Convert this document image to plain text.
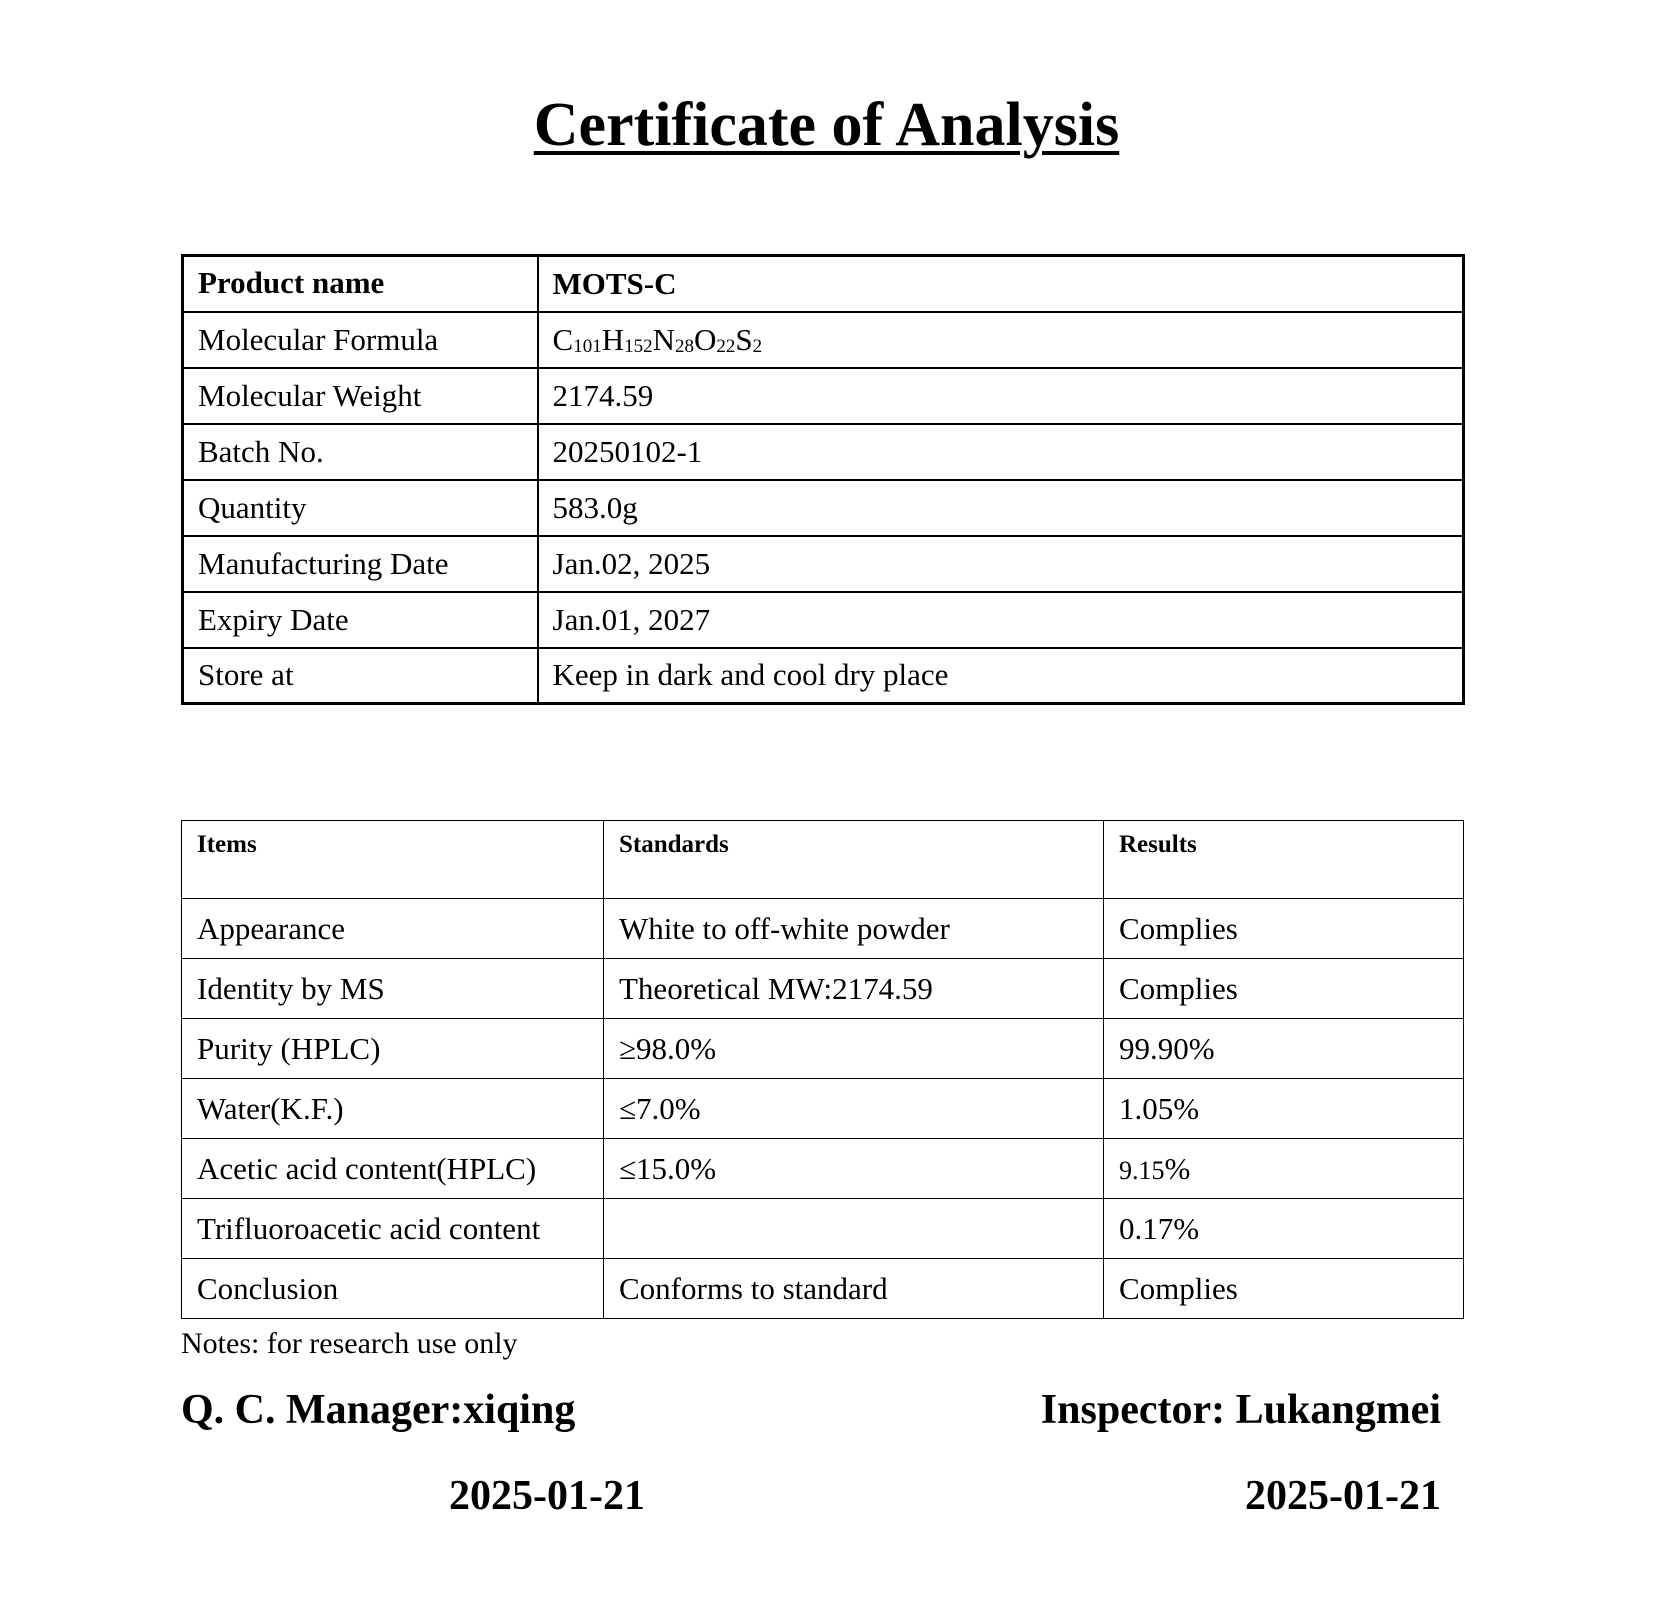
Certificate of Analysis
Product name	MOTS-C
Molecular Formula	$C_{101}H_{152}N_{28}O_{22}S_2$
Molecular Weight	2174.59
Batch No.	20250102-1
Quantity	583.0g
Manufacturing Date	Jan.02, 2025
Expiry Date	Jan.01, 2027
Store at	Keep in dark and cool dry place
Items	Standards	Results
Appearance	White to off-white powder	Complies
Identity by MS	Theoretical MW:2174.59	Complies
Purity (HPLC)	≥98.0%	99.90%
Water(K.F.)	≤7.0%	1.05%
Acetic acid content(HPLC)	≤15.0%	9.15%
Trifluoroacetic acid content		0.17%
Conclusion	Conforms to standard	Complies
Notes: for research use only
Q. C. Manager:xiqing	Inspector: Lukangmei
2025-01-21	2025-01-21
